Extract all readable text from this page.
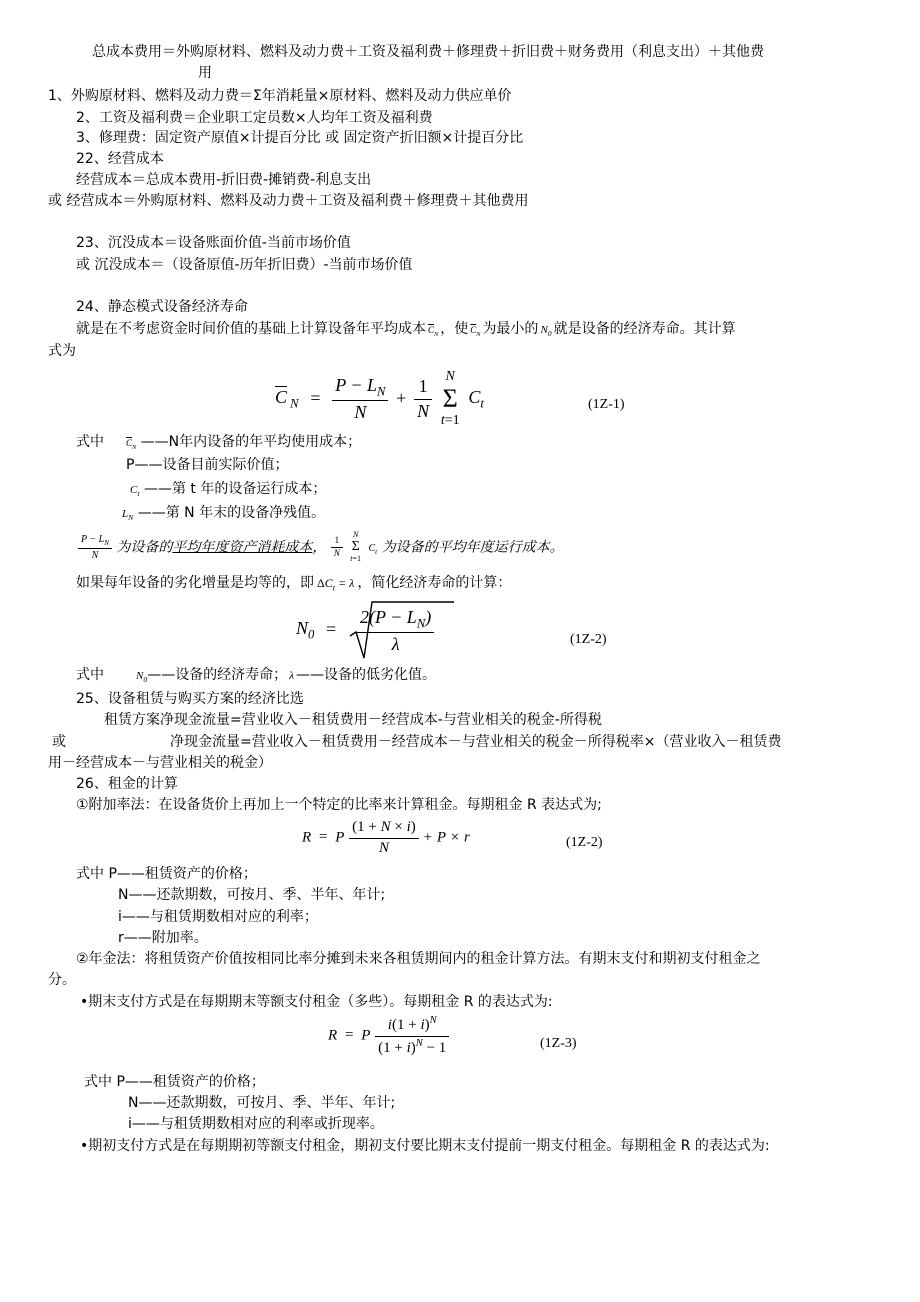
总成本费用＝外购原材料、燃料及动力费＋工资及福利费＋修理费＋折旧费＋财务费用（利息支出）＋其他费
用
1、外购原材料、燃料及动力费＝Σ年消耗量×原材料、燃料及动力供应单价
2、工资及福利费＝企业职工定员数×人均年工资及福利费
3、修理费：固定资产原值×计提百分比 或 固定资产折旧额×计提百分比
22、经营成本
经营成本＝总成本费用-折旧费-摊销费-利息支出
或 经营成本＝外购原材料、燃料及动力费＋工资及福利费＋修理费＋其他费用
23、沉没成本＝设备账面价值-当前市场价值
或 沉没成本＝（设备原值-历年折旧费）-当前市场价值
24、静态模式设备经济寿命
就是在不考虑资金时间价值的基础上计算设备年平均成本 $\overline{C}_N$ ，使 $\overline{C}_N$ 为最小的 $N_0$ 就是设备的经济寿命。其计算
式为
$\overline{C}$ $_N = \frac{P - L_N}{N} + \frac{1}{N}$
N
Σ
t=1
$C_t$	(1Z-1)
式中 $\overline{C}_N$ ——N年内设备的年平均使用成本；
P——设备目前实际价值；
$C_t$ ——第 t 年的设备运行成本；
$L_N$ ——第 N 年末的设备净残值。
$\frac{P - L_N}{N}$ 为设备的平均年度资产消耗成本， $\frac{1}{N}$

N
Σ
t=1
$C_t$ 为设备的平均年度运行成本。
如果每年设备的劣化增量是均等的，即 $\Delta C_t = \lambda$ ，简化经济寿命的计算：
$N_0$ =	$\frac{2(P - L_N)}{\lambda}$	(1Z-2)
式中	$N_0——$设备的经济寿命； λ ——设备的低劣化值。
25、设备租赁与购买方案的经济比选
租赁方案净现金流量=营业收入－租赁费用－经营成本-与营业相关的税金-所得税
或	净现金流量=营业收入－租赁费用－经营成本－与营业相关的税金－所得税率×（营业收入－租赁费
用－经营成本－与营业相关的税金）
26、租金的计算
①附加率法：在设备货价上再加上一个特定的比率来计算租金。每期租金 R 表达式为;
R = P $\frac{(1 + N \times i)}{N} + P \times r$	(1Z-2)
式中 P——租赁资产的价格；
N——还款期数，可按月、季、半年、年计;
i——与租赁期数相对应的利率；
r——附加率。
②年金法：将租赁资产价值按相同比率分摊到未来各租赁期间内的租金计算方法。有期末支付和期初支付租金之
分。
•期末支付方式是在每期期末等额支付租金（多些）。每期租金 R 的表达式为:
R = P $\frac{i(1 + i)^N}{(1 + i)^N - 1}$	(1Z-3)
式中 P——租赁资产的价格；
N——还款期数，可按月、季、半年、年计;
i——与租赁期数相对应的利率或折现率。
•期初支付方式是在每期期初等额支付租金，期初支付要比期末支付提前一期支付租金。每期租金 R 的表达式为:
